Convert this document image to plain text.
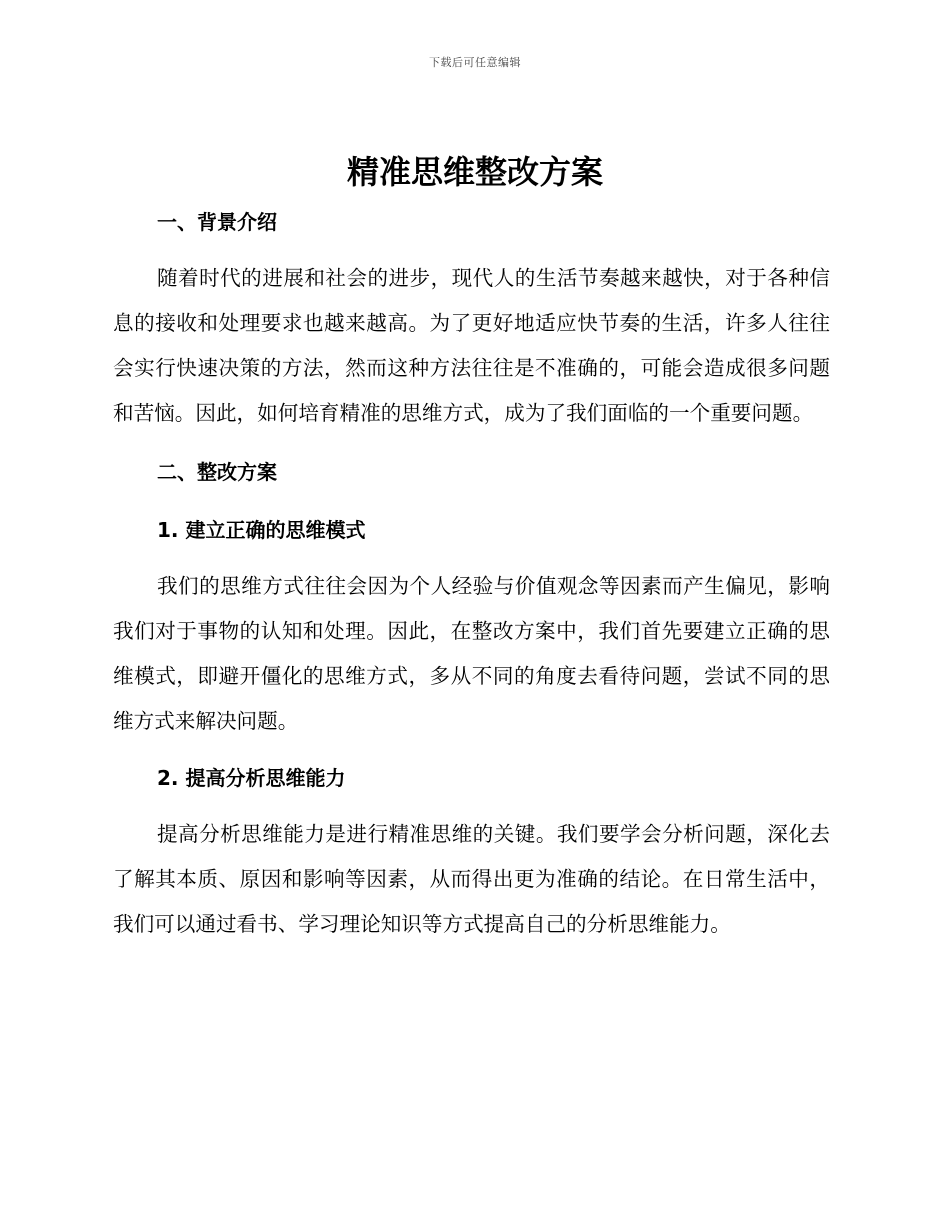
下载后可任意编辑
精准思维整改方案

一、背景介绍

随着时代的进展和社会的进步，现代人的生活节奏越来越快，对于各种信息的接收和处理要求也越来越高。为了更好地适应快节奏的生活，许多人往往会实行快速决策的方法，然而这种方法往往是不准确的，可能会造成很多问题和苦恼。因此，如何培育精准的思维方式，成为了我们面临的一个重要问题。

二、整改方案

1. 建立正确的思维模式

我们的思维方式往往会因为个人经验与价值观念等因素而产生偏见，影响我们对于事物的认知和处理。因此，在整改方案中，我们首先要建立正确的思维模式，即避开僵化的思维方式，多从不同的角度去看待问题，尝试不同的思维方式来解决问题。

2. 提高分析思维能力

提高分析思维能力是进行精准思维的关键。我们要学会分析问题，深化去了解其本质、原因和影响等因素，从而得出更为准确的结论。在日常生活中，我们可以通过看书、学习理论知识等方式提高自己的分析思维能力。
